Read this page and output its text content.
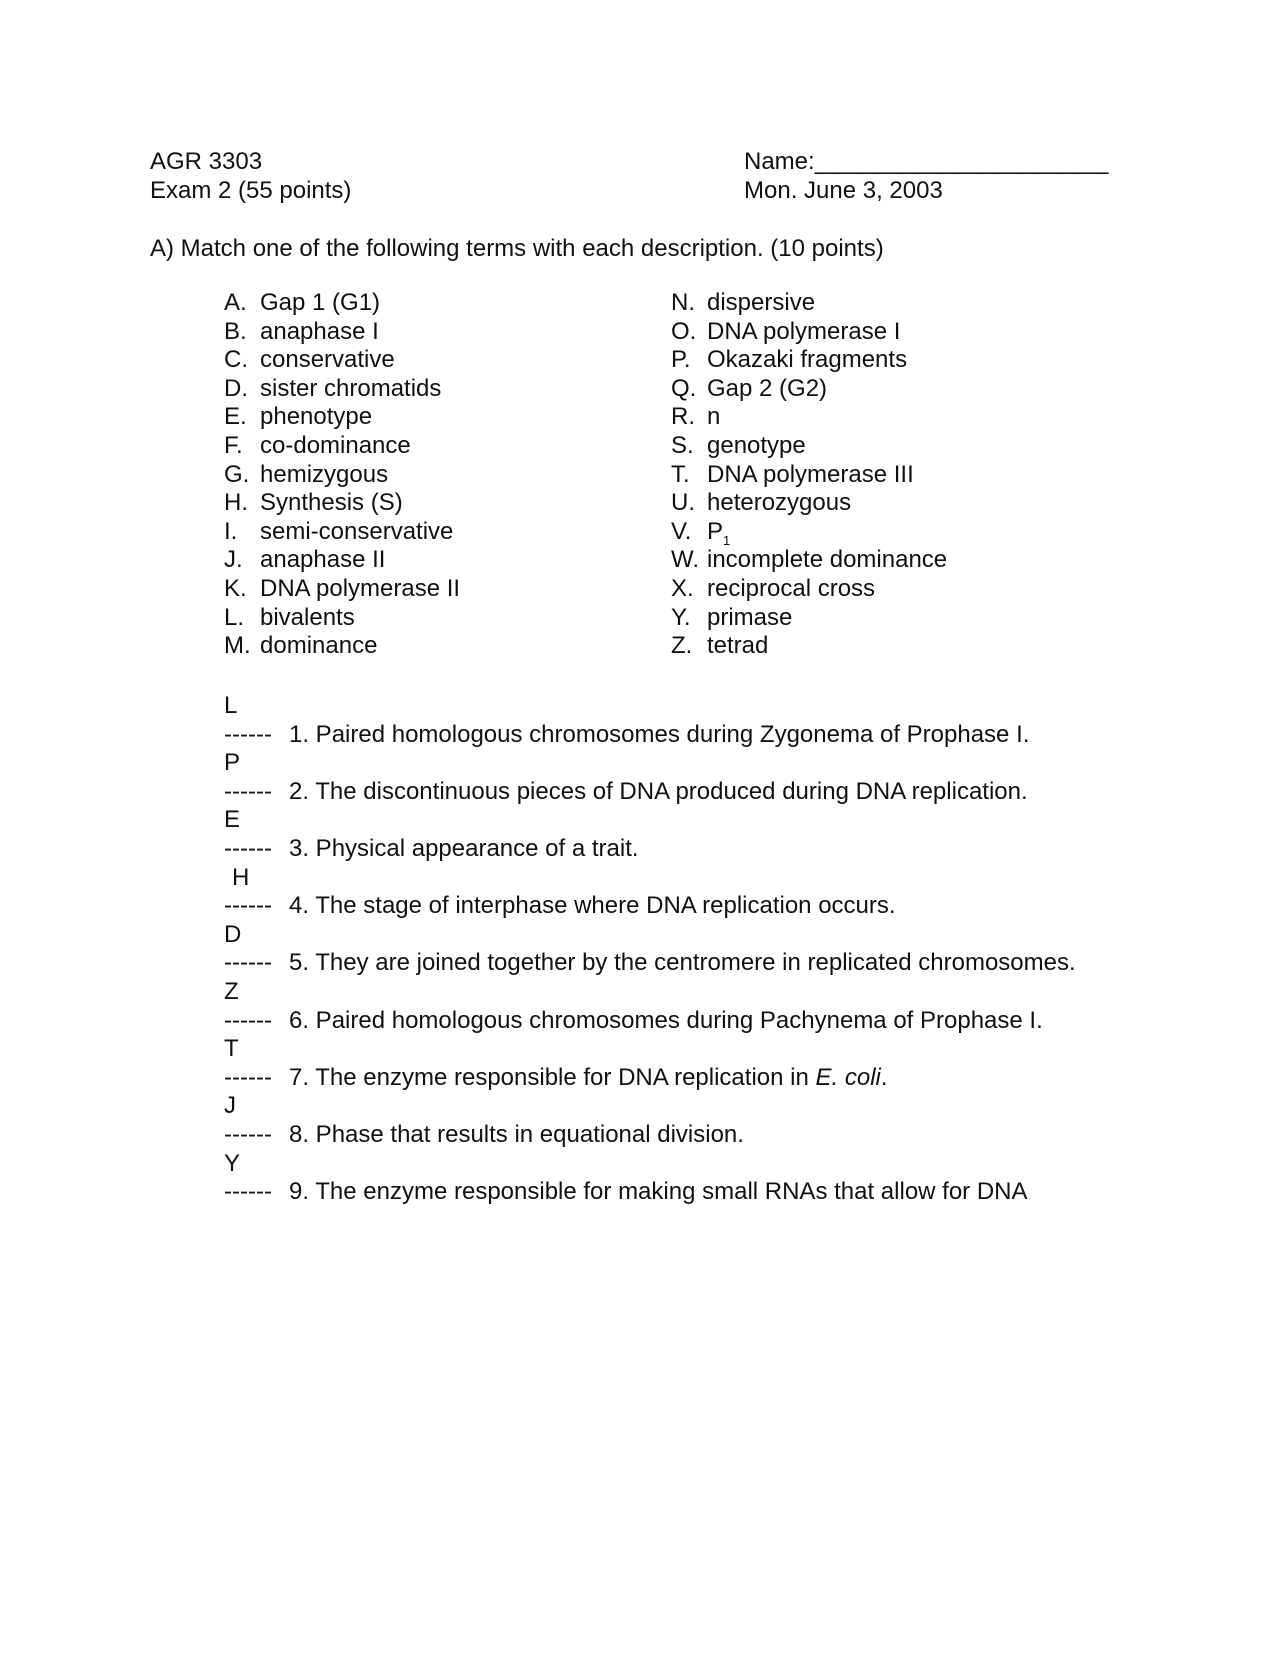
AGR 3303
Exam 2 (55 points)
Name:______________________
Mon. June 3, 2003
A) Match one of the following terms with each description. (10 points)
A. Gap 1 (G1)
B. anaphase I
C. conservative
D. sister chromatids
E. phenotype
F. co-dominance
G. hemizygous
H. Synthesis (S)
I. semi-conservative
J. anaphase II
K. DNA polymerase II
L. bivalents
M. dominance
N. dispersive
O. DNA polymerase I
P. Okazaki fragments
Q. Gap 2 (G2)
R. n
S. genotype
T. DNA polymerase III
U. heterozygous
V. $P_1$
W. incomplete dominance
X. reciprocal cross
Y. primase
Z. tetrad
L
------ 1. Paired homologous chromosomes during Zygonema of Prophase I.
P
------ 2. The discontinuous pieces of DNA produced during DNA replication.
E
------ 3. Physical appearance of a trait.
H
------ 4. The stage of interphase where DNA replication occurs.
D
------ 5. They are joined together by the centromere in replicated chromosomes.
Z
------ 6. Paired homologous chromosomes during Pachynema of Prophase I.
T
------ 7. The enzyme responsible for DNA replication in E. coli.
J
------ 8. Phase that results in equational division.
Y
------ 9. The enzyme responsible for making small RNAs that allow for DNA
